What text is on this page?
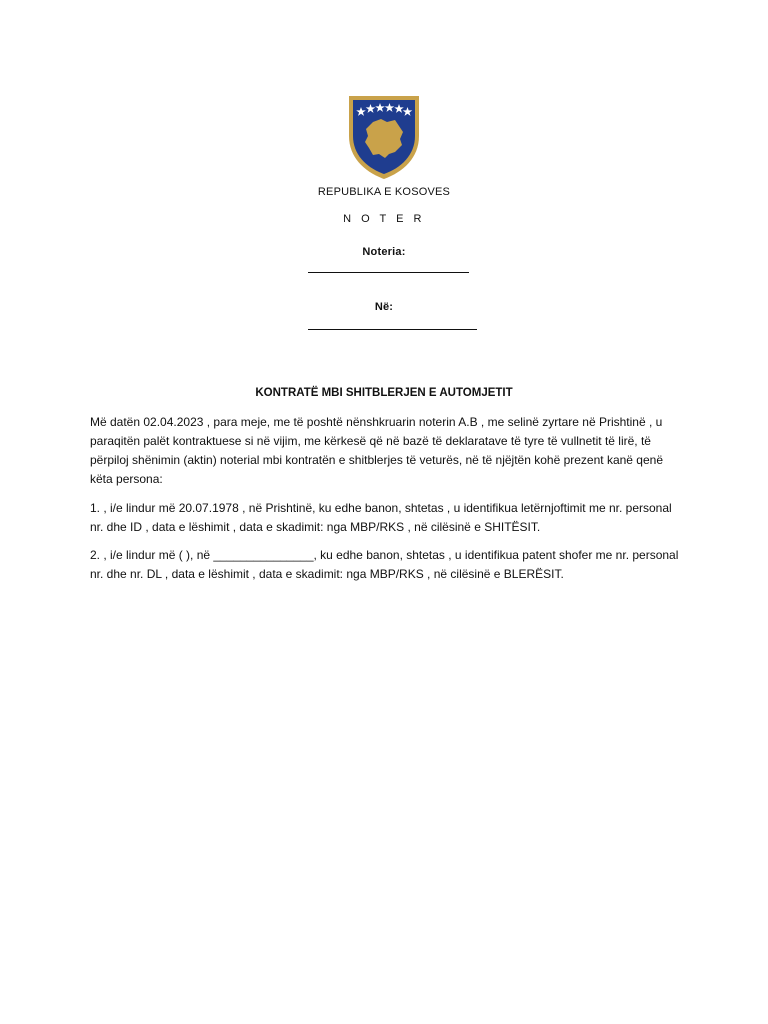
REPUBLIKA E KOSOVES
N O T E R
Noteria:
Në:
KONTRATË MBI SHITBLERJEN E AUTOMJETIT

Më datën 02.04.2023 , para meje, me të poshtë nënshkruarin noterin A.B , me selinë zyrtare në Prishtinë , u paraqitën palët kontraktuese si në vijim, me kërkesë që në bazë të deklaratave të tyre të vullnetit të lirë, të përpiloj shënimin (aktin) noterial mbi kontratën e shitblerjes të veturës, në të njëjtën kohë prezent kanë qenë këta persona:

1. , i/e lindur më 20.07.1978 , në Prishtinë, ku edhe banon, shtetas , u identifikua letërnjoftimit me nr. personal nr. dhe ID , data e lëshimit , data e skadimit: nga MBP/RKS , në cilësinë e SHITËSIT.

2. , i/e lindur më ( ), në _______________, ku edhe banon, shtetas , u identifikua patent shofer me nr. personal nr. dhe nr. DL , data e lëshimit , data e skadimit: nga MBP/RKS , në cilësinë e BLERËSIT.
